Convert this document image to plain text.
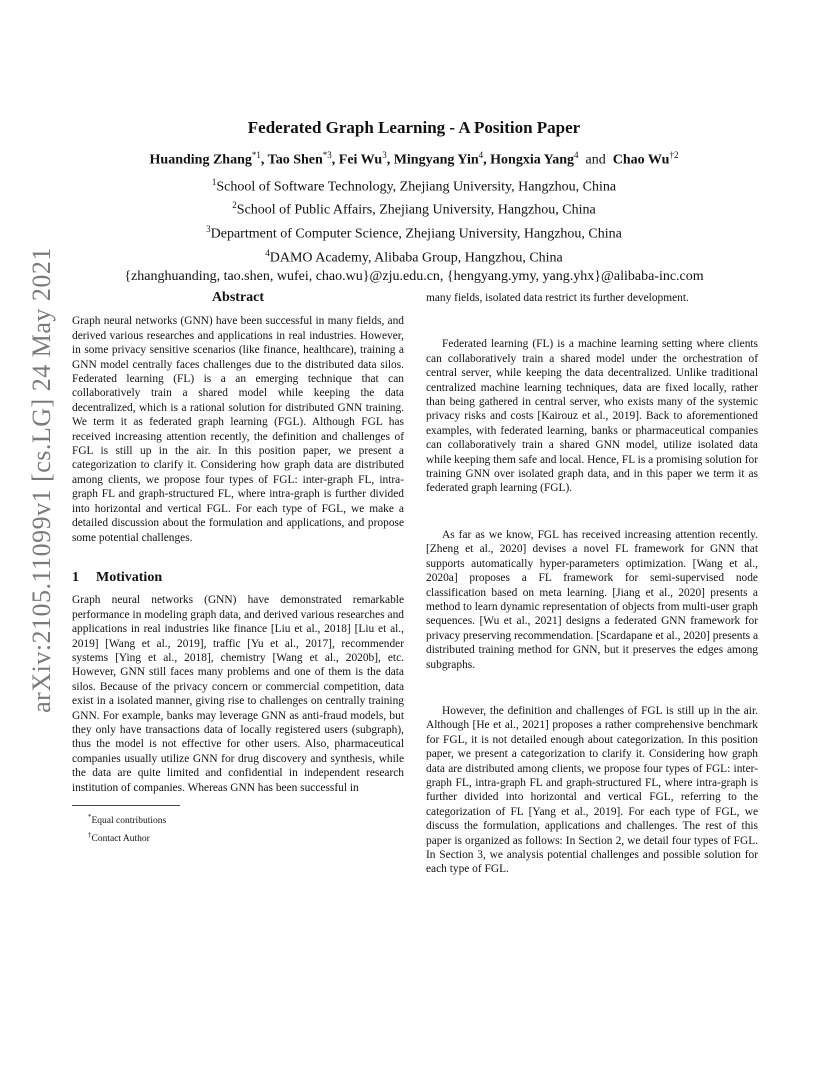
arXiv:2105.11099v1 [cs.LG] 24 May 2021
Federated Graph Learning - A Position Paper
Huanding Zhang$^{*1}$, Tao Shen$^{*3}$, Fei Wu$^3$, Mingyang Yin$^4$, Hongxia Yang$^4$ and Chao Wu$^{\dagger 2}$
$^1$School of Software Technology, Zhejiang University, Hangzhou, China
$^2$School of Public Affairs, Zhejiang University, Hangzhou, China
$^3$Department of Computer Science, Zhejiang University, Hangzhou, China
$^4$DAMO Academy, Alibaba Group, Hangzhou, China
{zhanghuanding, tao.shen, wufei, chao.wu}@zju.edu.cn, {hengyang.ymy, yang.yhx}@alibaba-inc.com
Abstract

Graph neural networks (GNN) have been successful in many fields, and derived various researches and applications in real industries. However, in some privacy sensitive scenarios (like finance, healthcare), training a GNN model centrally faces challenges due to the distributed data silos. Federated learning (FL) is a an emerging technique that can collaboratively train a shared model while keeping the data decentralized, which is a rational solution for distributed GNN training. We term it as federated graph learning (FGL). Although FGL has received increasing attention recently, the definition and challenges of FGL is still up in the air. In this position paper, we present a categorization to clarify it. Considering how graph data are distributed among clients, we propose four types of FGL: inter-graph FL, intra-graph FL and graph-structured FL, where intra-graph is further divided into horizontal and vertical FGL. For each type of FGL, we make a detailed discussion about the formulation and applications, and propose some potential challenges.

1 Motivation

Graph neural networks (GNN) have demonstrated remarkable performance in modeling graph data, and derived various researches and applications in real industries like finance [Liu et al., 2018] [Liu et al., 2019] [Wang et al., 2019], traffic [Yu et al., 2017], recommender systems [Ying et al., 2018], chemistry [Wang et al., 2020b], etc. However, GNN still faces many problems and one of them is the data silos. Because of the privacy concern or commercial competition, data exist in a isolated manner, giving rise to challenges on centrally training GNN. For example, banks may leverage GNN as anti-fraud models, but they only have transactions data of locally registered users (subgraph), thus the model is not effective for other users. Also, pharmaceutical companies usually utilize GNN for drug discovery and synthesis, while the data are quite limited and confidential in independent research institution of companies. Whereas GNN has been successful in

*Equal contributions
†Contact Author

many fields, isolated data restrict its further development.

Federated learning (FL) is a machine learning setting where clients can collaboratively train a shared model under the orchestration of central server, while keeping the data decentralized. Unlike traditional centralized machine learning techniques, data are fixed locally, rather than being gathered in central server, who exists many of the systemic privacy risks and costs [Kairouz et al., 2019]. Back to aforementioned examples, with federated learning, banks or pharmaceutical companies can collaboratively train a shared GNN model, utilize isolated data while keeping them safe and local. Hence, FL is a promising solution for training GNN over isolated graph data, and in this paper we term it as federated graph learning (FGL).

As far as we know, FGL has received increasing attention recently. [Zheng et al., 2020] devises a novel FL framework for GNN that supports automatically hyper-parameters optimization. [Wang et al., 2020a] proposes a FL framework for semi-supervised node classification based on meta learning. [Jiang et al., 2020] presents a method to learn dynamic representation of objects from multi-user graph sequences. [Wu et al., 2021] designs a federated GNN framework for privacy preserving recommendation. [Scardapane et al., 2020] presents a distributed training method for GNN, but it preserves the edges among subgraphs.

However, the definition and challenges of FGL is still up in the air. Although [He et al., 2021] proposes a rather comprehensive benchmark for FGL, it is not detailed enough about categorization. In this position paper, we present a categorization to clarify it. Considering how graph data are distributed among clients, we propose four types of FGL: inter-graph FL, intra-graph FL and graph-structured FL, where intra-graph is further divided into horizontal and vertical FGL, referring to the categorization of FL [Yang et al., 2019]. For each type of FGL, we discuss the formulation, applications and challenges. The rest of this paper is organized as follows: In Section 2, we detail four types of FGL. In Section 3, we analysis potential challenges and possible solution for each type of FGL.
